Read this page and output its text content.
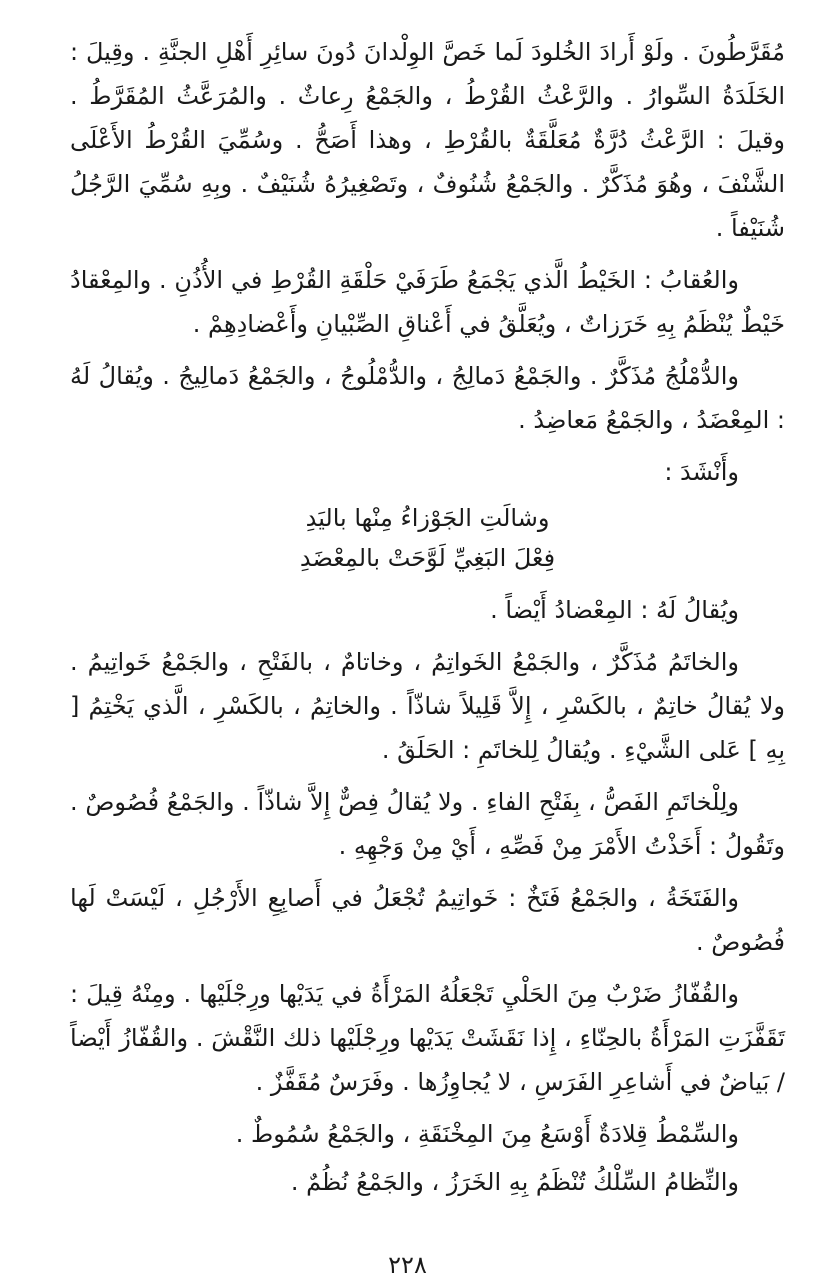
مُقَرَّطُونَ . ولَوْ أَرادَ الخُلودَ لَما خَصَّ الوِلْدانَ دُونَ سائِرِ أَهْلِ الجنَّةِ . وقِيلَ : الخَلَدَةُ السِّوارُ . والرَّعْثُ القُرْطُ ، والجَمْعُ رِعاثٌ . والمُرَعَّثُ المُقَرَّطُ . وقيلَ : الرَّعْثُ دُرَّةٌ مُعَلَّقَةٌ بالقُرْطِ ، وهذا أَصَحُّ . وسُمِّيَ القُرْطُ الأَعْلَى الشَّنْفَ ، وهُوَ مُذَكَّرٌ . والجَمْعُ شُنُوفٌ ، وتَصْغِيرُهُ شُنَيْفٌ . وبِهِ سُمِّيَ الرَّجُلُ شُنَيْفاً .

والعُقابُ : الخَيْطُ الَّذي يَجْمَعُ طَرَفَيْ حَلْقَةِ القُرْطِ في الأُذُنِ . والمِعْقادُ خَيْطٌ يُنْظَمُ بِهِ خَرَزاتٌ ، ويُعَلَّقُ في أَعْناقِ الصِّبْيانِ وأَعْضادِهِمْ .

والدُّمْلُجُ مُذَكَّرٌ . والجَمْعُ دَمالِجُ ، والدُّمْلُوجُ ، والجَمْعُ دَمالِيجُ . ويُقالُ لَهُ : المِعْضَدُ ، والجَمْعُ مَعاضِدُ .

وأَنْشَدَ :

وشالَتِ الجَوْزاءُ مِنْها باليَدِ
فِعْلَ البَغِيِّ لَوَّحَتْ بالمِعْضَدِ

ويُقالُ لَهُ : المِعْضادُ أَيْضاً .

والخاتَمُ مُذَكَّرٌ ، والجَمْعُ الخَواتِمُ ، وخاتامٌ ، بالفَتْحِ ، والجَمْعُ خَواتِيمُ . ولا يُقالُ خاتِمٌ ، بالكَسْرِ ، إِلاَّ قَلِيلاً شاذّاً . والخاتِمُ ، بالكَسْرِ ، الَّذي يَخْتِمُ [ بِهِ ] عَلى الشَّيْءِ . ويُقالُ لِلخاتَمِ : الحَلَقُ .

ولِلْخاتَمِ الفَصُّ ، بِفَتْحِ الفاءِ . ولا يُقالُ فِصٌّ إِلاَّ شاذّاً . والجَمْعُ فُصُوصٌ . وتَقُولُ : أَخَذْتُ الأَمْرَ مِنْ فَصِّهِ ، أَيْ مِنْ وَجْهِهِ .

والفَتَخَةُ ، والجَمْعُ فَتَخٌ : خَواتِيمُ تُجْعَلُ في أَصابِعِ الأَرْجُلِ ، لَيْسَتْ لَها فُصُوصٌ .

والقُفّازُ ضَرْبٌ مِنَ الحَلْيِ تَجْعَلُهُ المَرْأَةُ في يَدَيْها ورِجْلَيْها . ومِنْهُ قِيلَ : تَقَفَّزَتِ المَرْأَةُ بالحِنّاءِ ، إِذا نَقَشَتْ يَدَيْها ورِجْلَيْها ذلك النَّقْشَ . والقُفّازُ أَيْضاً / بَياضٌ في أَشاعِرِ الفَرَسِ ، لا يُجاوِزُها . وفَرَسٌ مُقَفَّزٌ .

والسِّمْطُ قِلادَةٌ أَوْسَعُ مِنَ المِخْنَقَةِ ، والجَمْعُ سُمُوطٌ .

والنِّظامُ السِّلْكُ تُنْظَمُ بِهِ الخَرَزُ ، والجَمْعُ نُظُمٌ .

٢٢٨
